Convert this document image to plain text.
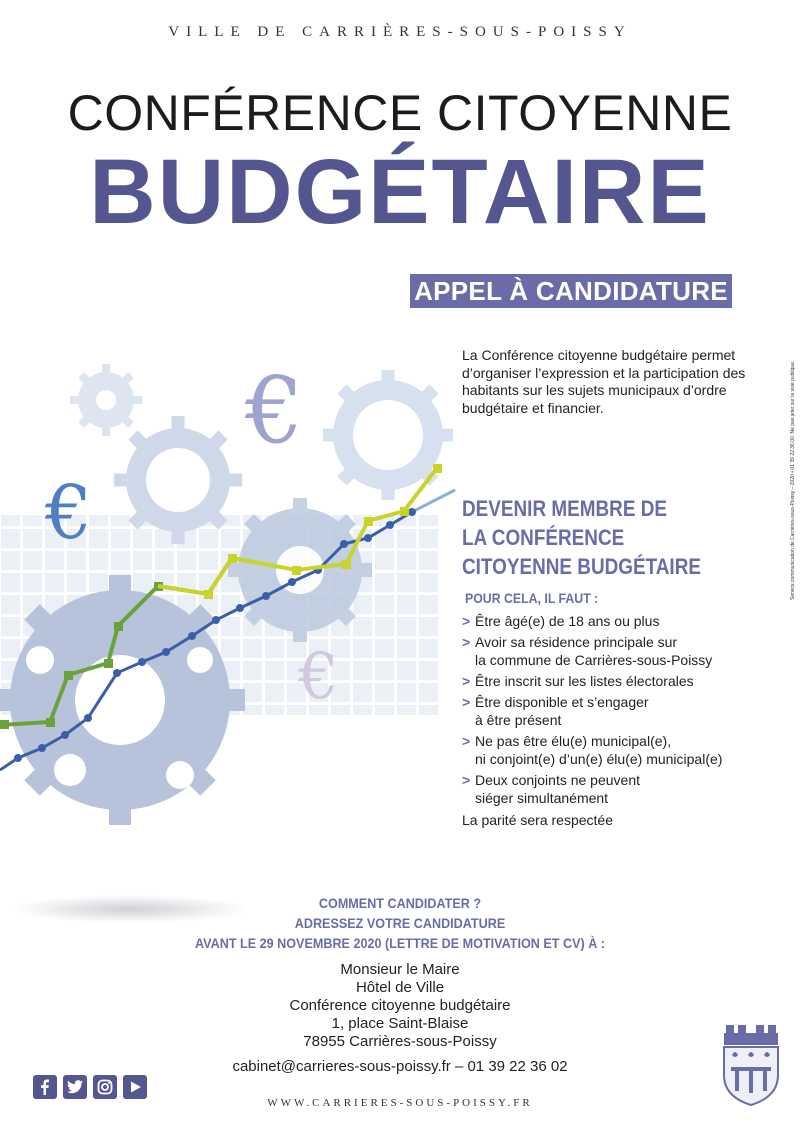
VILLE DE CARRIÈRES-SOUS-POISSY
CONFÉRENCE CITOYENNE
BUDGÉTAIRE
APPEL À CANDIDATURE
€
€
€
La Conférence citoyenne budgétaire permet d’organiser l’expression et la participation des habitants sur les sujets municipaux d’ordre budgétaire et financier.
DEVENIR MEMBRE DE
LA CONFÉRENCE
CITOYENNE BUDGÉTAIRE
POUR CELA, IL FAUT :
> Être âgé(e) de 18 ans ou plus
> Avoir sa résidence principale sur
la commune de Carrières-sous-Poissy
> Être inscrit sur les listes électorales
> Être disponible et s’engager
à être présent
> Ne pas être élu(e) municipal(e),
ni conjoint(e) d’un(e) élu(e) municipal(e)
> Deux conjoints ne peuvent
siéger simultanément
La parité sera respectée
COMMENT CANDIDATER ?
ADRESSEZ VOTRE CANDIDATURE
AVANT LE 29 NOVEMBRE 2020 (LETTRE DE MOTIVATION ET CV) À :
Monsieur le Maire
Hôtel de Ville
Conférence citoyenne budgétaire
1, place Saint-Blaise
78955 Carrières-sous-Poissy
cabinet@carrieres-sous-poissy.fr – 01 39 22 36 02
WWW.CARRIERES-SOUS-POISSY.FR
Service communication de Carrières-sous-Poissy – 2020 • 01 39 22 36 00. Ne pas jeter sur la voie publique.
